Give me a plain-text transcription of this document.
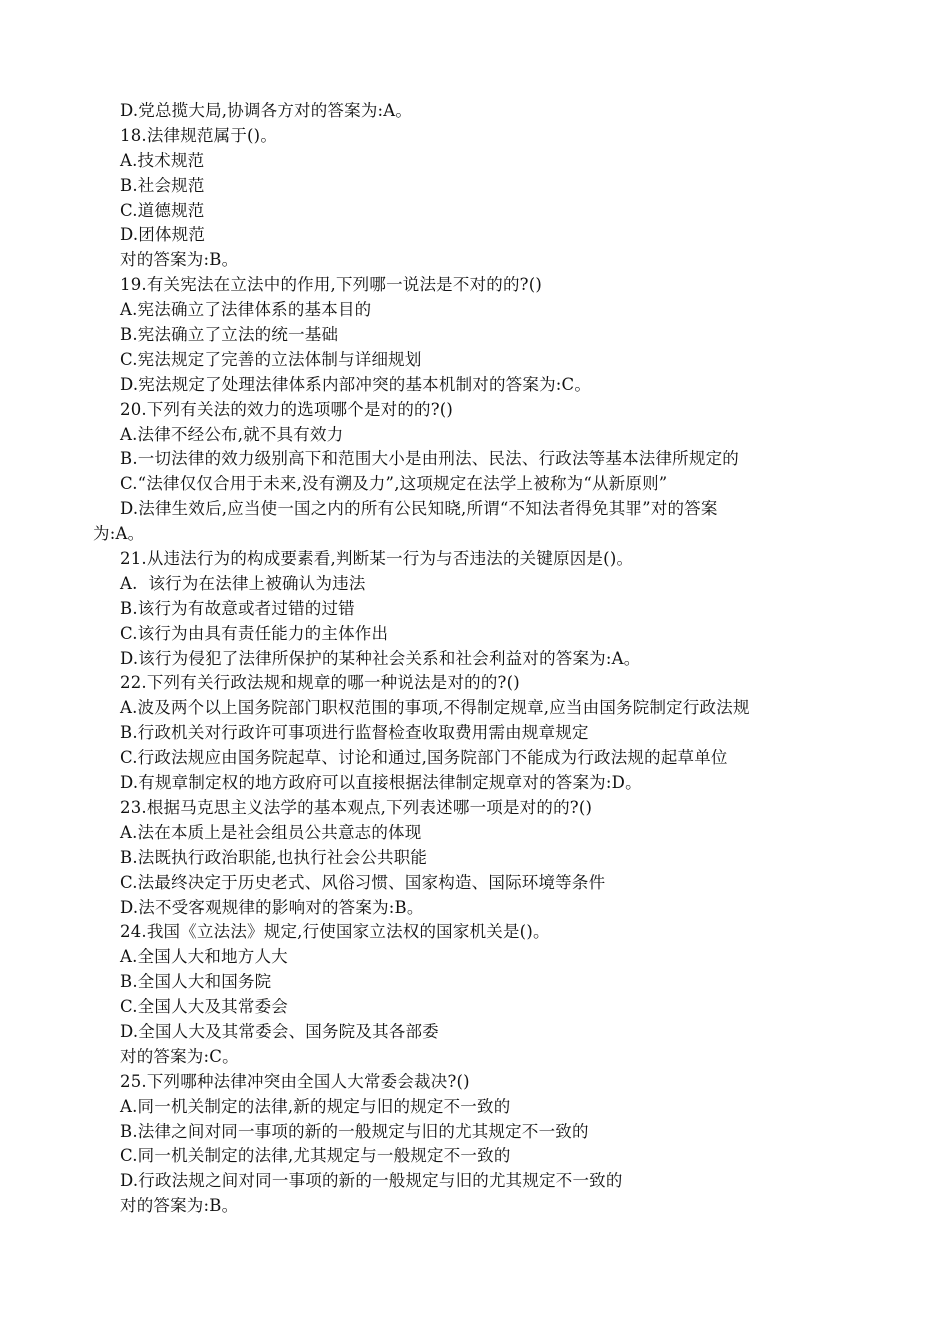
D.党总揽大局,协调各方对的答案为:A。
18.法律规范属于()。
A.技术规范
B.社会规范
C.道德规范
D.团体规范
对的答案为:B。
19.有关宪法在立法中的作用,下列哪一说法是不对的的?()
A.宪法确立了法律体系的基本目的
B.宪法确立了立法的统一基础
C.宪法规定了完善的立法体制与详细规划
D.宪法规定了处理法律体系内部冲突的基本机制对的答案为:C。
20.下列有关法的效力的选项哪个是对的的?()
A.法律不经公布,就不具有效力
B.一切法律的效力级别高下和范围大小是由刑法、民法、行政法等基本法律所规定的
C.“法律仅仅合用于未来,没有溯及力”,这项规定在法学上被称为“从新原则”
D.法律生效后,应当使一国之内的所有公民知晓,所谓“不知法者得免其罪”对的答案
为:A。
21.从违法行为的构成要素看,判断某一行为与否违法的关键原因是()。
A.  该行为在法律上被确认为违法
B.该行为有故意或者过错的过错
C.该行为由具有责任能力的主体作出
D.该行为侵犯了法律所保护的某种社会关系和社会利益对的答案为:A。
22.下列有关行政法规和规章的哪一种说法是对的的?()
A.波及两个以上国务院部门职权范围的事项,不得制定规章,应当由国务院制定行政法规
B.行政机关对行政许可事项进行监督检查收取费用需由规章规定
C.行政法规应由国务院起草、讨论和通过,国务院部门不能成为行政法规的起草单位
D.有规章制定权的地方政府可以直接根据法律制定规章对的答案为:D。
23.根据马克思主义法学的基本观点,下列表述哪一项是对的的?()
A.法在本质上是社会组员公共意志的体现
B.法既执行政治职能,也执行社会公共职能
C.法最终决定于历史老式、风俗习惯、国家构造、国际环境等条件
D.法不受客观规律的影响对的答案为:B。
24.我国《立法法》规定,行使国家立法权的国家机关是()。
A.全国人大和地方人大
B.全国人大和国务院
C.全国人大及其常委会
D.全国人大及其常委会、国务院及其各部委
对的答案为:C。
25.下列哪种法律冲突由全国人大常委会裁决?()
A.同一机关制定的法律,新的规定与旧的规定不一致的
B.法律之间对同一事项的新的一般规定与旧的尤其规定不一致的
C.同一机关制定的法律,尤其规定与一般规定不一致的
D.行政法规之间对同一事项的新的一般规定与旧的尤其规定不一致的
对的答案为:B。
